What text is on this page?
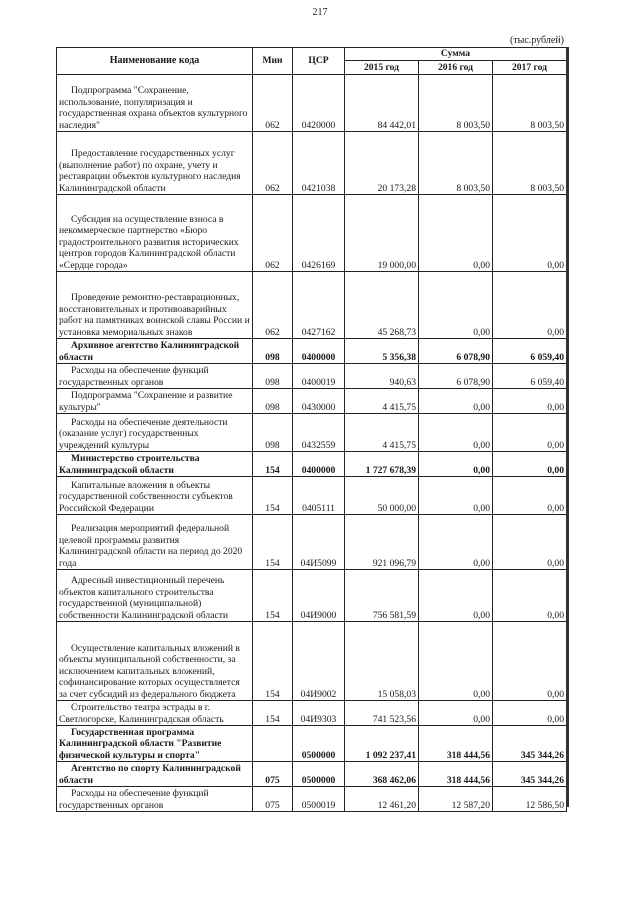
217
(тыс.рублей)
Наименование кода	Мин	ЦСР	Сумма		
			2015 год	2016 год	2017 год

Подпрограмма "Сохранение, использование, популяризация и государственная охрана объектов культурного наследия"	062	0420000	84 442,01	8 003,50	8 003,50

Предоставление государственных услуг (выполнение работ) по охране, учету и реставрации объектов культурного наследия Калининградской области	062	0421038	20 173,28	8 003,50	8 003,50

Субсидия на осуществление взноса в некоммерческое партнерство «Бюро градостроительного развития исторических центров городов Калининградской области «Сердце города»	062	0426169	19 000,00	0,00	0,00

Проведение ремонтно-реставрационных, восстановительных и противоаварийных работ на памятниках воинской славы России и установка мемориальных знаков	062	0427162	45 268,73	0,00	0,00

Архивное агентство Калининградской области	098	0400000	5 356,38	6 078,90	6 059,40

Расходы на обеспечение функций государственных органов	098	0400019	940,63	6 078,90	6 059,40

Подпрограмма "Сохранение и развитие культуры"	098	0430000	4 415,75	0,00	0,00

Расходы на обеспечение деятельности (оказание услуг) государственных учреждений культуры	098	0432559	4 415,75	0,00	0,00

Министерство строительства Калининградской области	154	0400000	1 727 678,39	0,00	0,00

Капитальные вложения в объекты государственной собственности субъектов Российской Федерации	154	0405111	50 000,00	0,00	0,00

Реализация мероприятий федеральной целевой программы развития Калининградской области на период до 2020 года	154	04И5099	921 096,79	0,00	0,00

Адресный инвестиционный перечень объектов капитального строительства государственной (муниципальной) собственности Калининградской области	154	04И9000	756 581,59	0,00	0,00

Осуществление капитальных вложений в объекты муниципальной собственности, за исключением капитальных вложений, софинансирование которых осуществляется за счет субсидий из федерального бюджета	154	04И9002	15 058,03	0,00	0,00

Строительство театра эстрады в г. Светлогорске, Калининградская область	154	04И9303	741 523,56	0,00	0,00

Государственная программа Калининградской области "Развитие физической культуры и спорта"		0500000	1 092 237,41	318 444,56	345 344,26

Агентство по спорту Калининградской области	075	0500000	368 462,06	318 444,56	345 344,26

Расходы на обеспечение функций государственных органов	075	0500019	12 461,20	12 587,20	12 586,50
